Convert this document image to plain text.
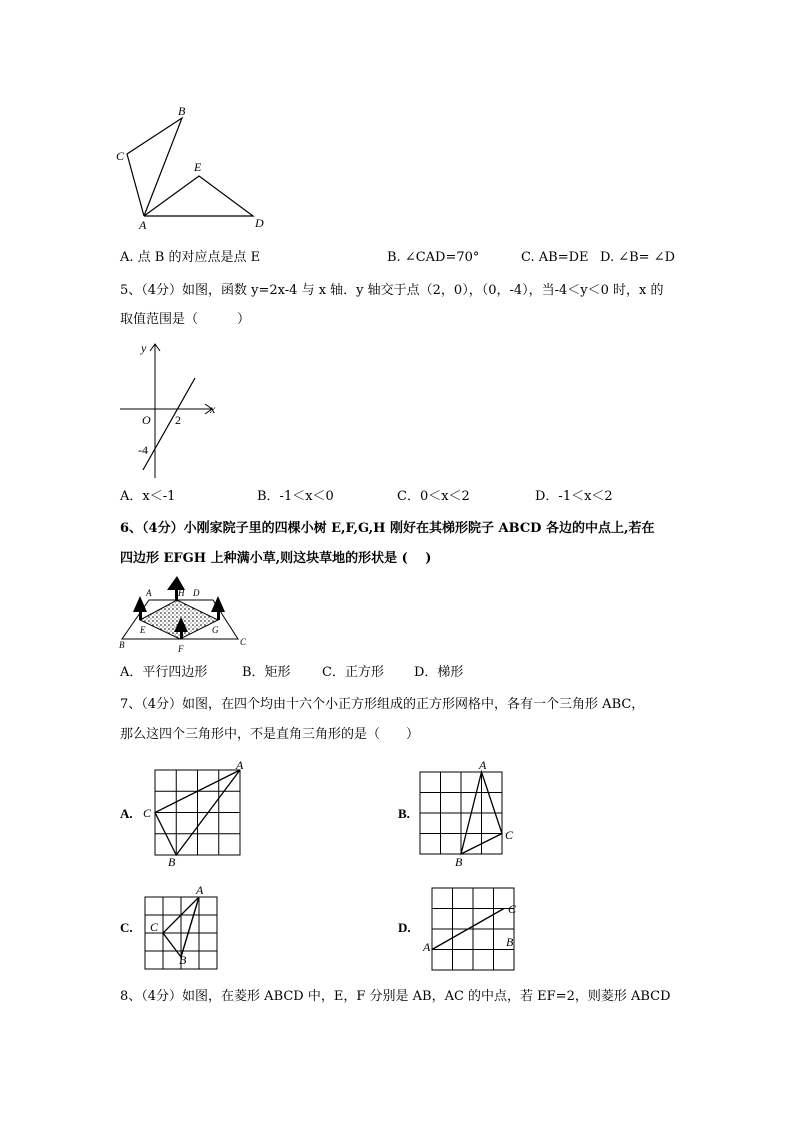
B
C
E
A	D
A. 点 B 的对应点是点 E	B. ∠CAD=70°	C. AB=DE D. ∠B= ∠D
5、（4分）如图，函数 y=2x-4 与 x 轴．y 轴交于点（2，0），（0，-4），当-4＜y＜0 时，x 的
取值范围是（　　　）
y
x
O 2
-4
A．x＜-1	B．-1＜x＜0	C．0＜x＜2	D．-1＜x＜2
6、（4分）小刚家院子里的四棵小树 E,F,G,H 刚好在其梯形院子 ABCD 各边的中点上,若在
四边形 EFGH 上种满小草,则这块草地的形状是 (　 )
A	H D
E	G
B	F
C
A．平行四边形	B．矩形 C．正方形 D．梯形
7、（4分）如图，在四个均由十六个小正方形组成的正方形网格中，各有一个三角形 ABC，
那么这四个三角形中，不是直角三角形的是（　　）
A.	B.
C.	D.
A
C
B
A
C
B
A
C
B
C
A	B
8、（4分）如图，在菱形 ABCD 中，E，F 分别是 AB，AC 的中点，若 EF=2，则菱形 ABCD
